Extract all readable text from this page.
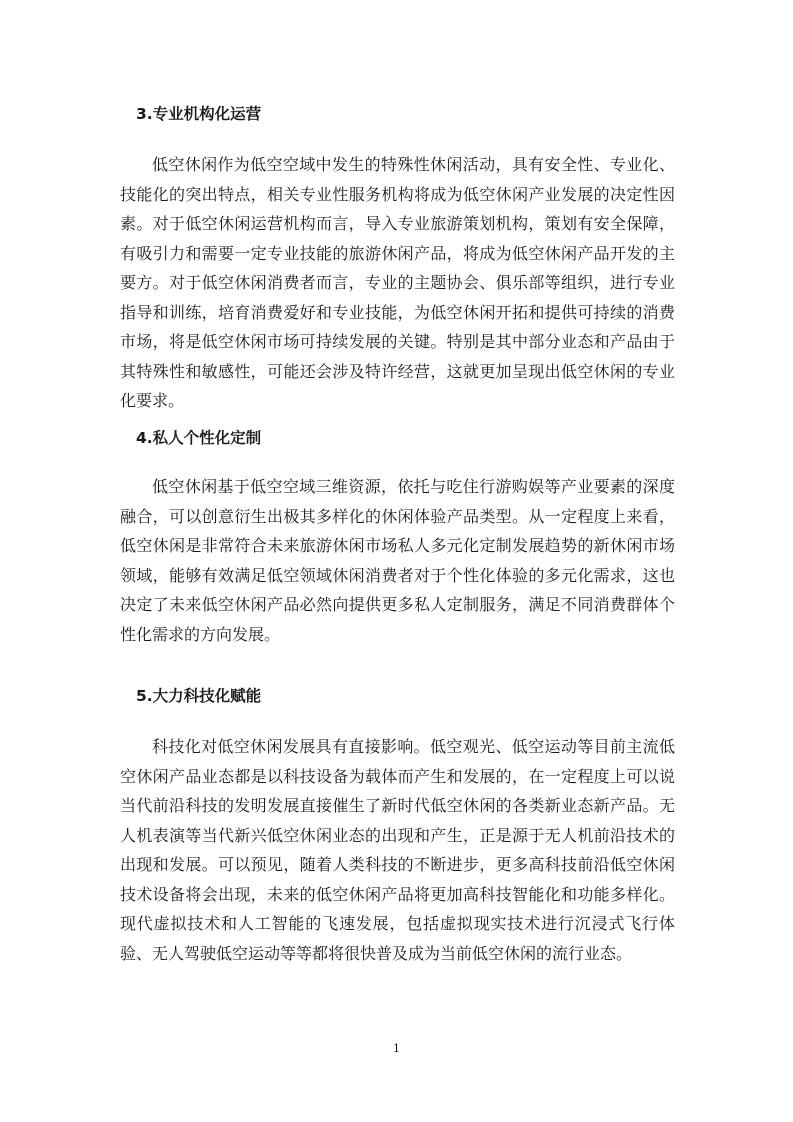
3.专业机构化运营

低空休闲作为低空空域中发生的特殊性休闲活动，具有安全性、专业化、技能化的突出特点，相关专业性服务机构将成为低空休闲产业发展的决定性因素。对于低空休闲运营机构而言，导入专业旅游策划机构，策划有安全保障，有吸引力和需要一定专业技能的旅游休闲产品，将成为低空休闲产品开发的主要方。对于低空休闲消费者而言，专业的主题协会、俱乐部等组织，进行专业指导和训练，培育消费爱好和专业技能，为低空休闲开拓和提供可持续的消费市场，将是低空休闲市场可持续发展的关键。特别是其中部分业态和产品由于其特殊性和敏感性，可能还会涉及特许经营，这就更加呈现出低空休闲的专业化要求。

4.私人个性化定制

低空休闲基于低空空域三维资源，依托与吃住行游购娱等产业要素的深度融合，可以创意衍生出极其多样化的休闲体验产品类型。从一定程度上来看，低空休闲是非常符合未来旅游休闲市场私人多元化定制发展趋势的新休闲市场领域，能够有效满足低空领域休闲消费者对于个性化体验的多元化需求，这也决定了未来低空休闲产品必然向提供更多私人定制服务，满足不同消费群体个性化需求的方向发展。

5.大力科技化赋能

科技化对低空休闲发展具有直接影响。低空观光、低空运动等目前主流低空休闲产品业态都是以科技设备为载体而产生和发展的，在一定程度上可以说当代前沿科技的发明发展直接催生了新时代低空休闲的各类新业态新产品。无人机表演等当代新兴低空休闲业态的出现和产生，正是源于无人机前沿技术的出现和发展。可以预见，随着人类科技的不断进步，更多高科技前沿低空休闲技术设备将会出现，未来的低空休闲产品将更加高科技智能化和功能多样化。现代虚拟技术和人工智能的飞速发展，包括虚拟现实技术进行沉浸式飞行体验、无人驾驶低空运动等等都将很快普及成为当前低空休闲的流行业态。

1
